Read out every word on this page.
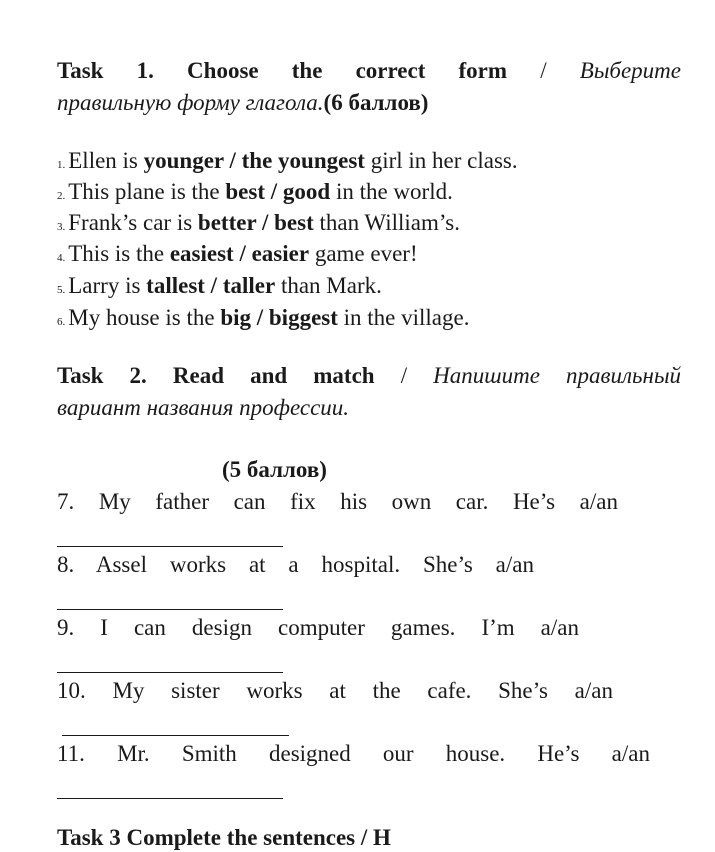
Task 1. Choose the correct form / Выберите
правильную форму глагола.(6 баллов)
1. Ellen is younger / the youngest girl in her class.
2. This plane is the best / good in the world.
3. Frank’s car is better / best than William’s.
4. This is the easiest / easier game ever!
5. Larry is tallest / taller than Mark.
6. My house is the big / biggest in the village.
Task 2. Read and match / Напишите правильный
вариант названия профессии.
(5 баллов)
7. My father can fix his own car. He’s a/an
8. Assel works at a hospital. She’s a/an
9. I can design computer games. I’m a/an
10. My sister works at the cafe. She’s a/an
11. Mr. Smith designed our house. He’s a/an
Task 3 Complete the sentences / Н
